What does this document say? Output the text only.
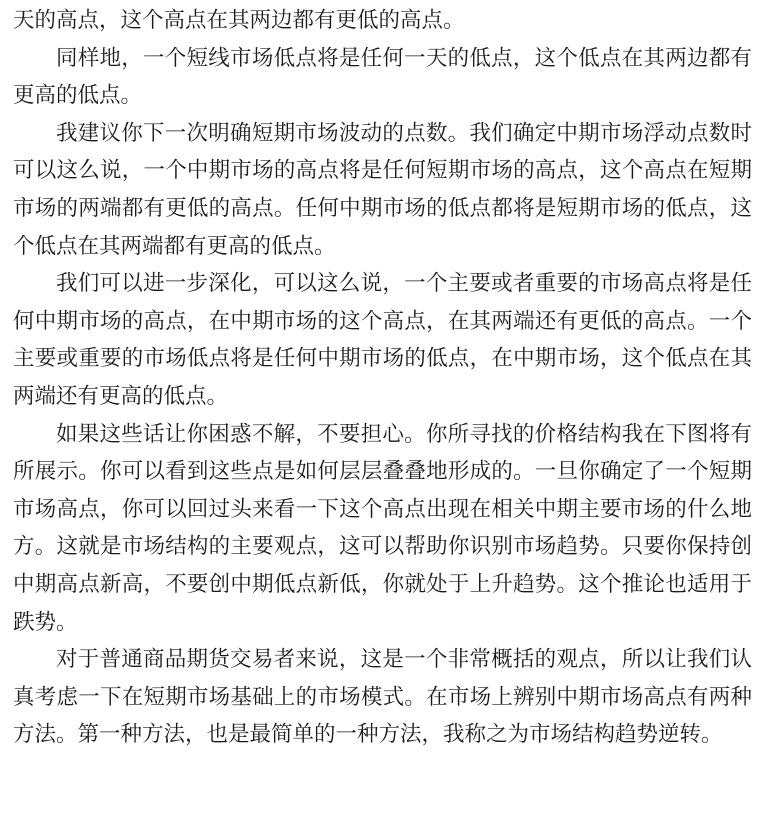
天的高点，这个高点在其两边都有更低的高点。

同样地，一个短线市场低点将是任何一天的低点，这个低点在其两边都有更高的低点。

我建议你下一次明确短期市场波动的点数。我们确定中期市场浮动点数时可以这么说，一个中期市场的高点将是任何短期市场的高点，这个高点在短期市场的两端都有更低的高点。任何中期市场的低点都将是短期市场的低点，这个低点在其两端都有更高的低点。

我们可以进一步深化，可以这么说，一个主要或者重要的市场高点将是任何中期市场的高点，在中期市场的这个高点，在其两端还有更低的高点。一个主要或重要的市场低点将是任何中期市场的低点，在中期市场，这个低点在其两端还有更高的低点。

如果这些话让你困惑不解，不要担心。你所寻找的价格结构我在下图将有所展示。你可以看到这些点是如何层层叠叠地形成的。一旦你确定了一个短期市场高点，你可以回过头来看一下这个高点出现在相关中期主要市场的什么地方。这就是市场结构的主要观点，这可以帮助你识别市场趋势。只要你保持创中期高点新高，不要创中期低点新低，你就处于上升趋势。这个推论也适用于跌势。

对于普通商品期货交易者来说，这是一个非常概括的观点，所以让我们认真考虑一下在短期市场基础上的市场模式。在市场上辨别中期市场高点有两种方法。第一种方法，也是最简单的一种方法，我称之为市场结构趋势逆转。
